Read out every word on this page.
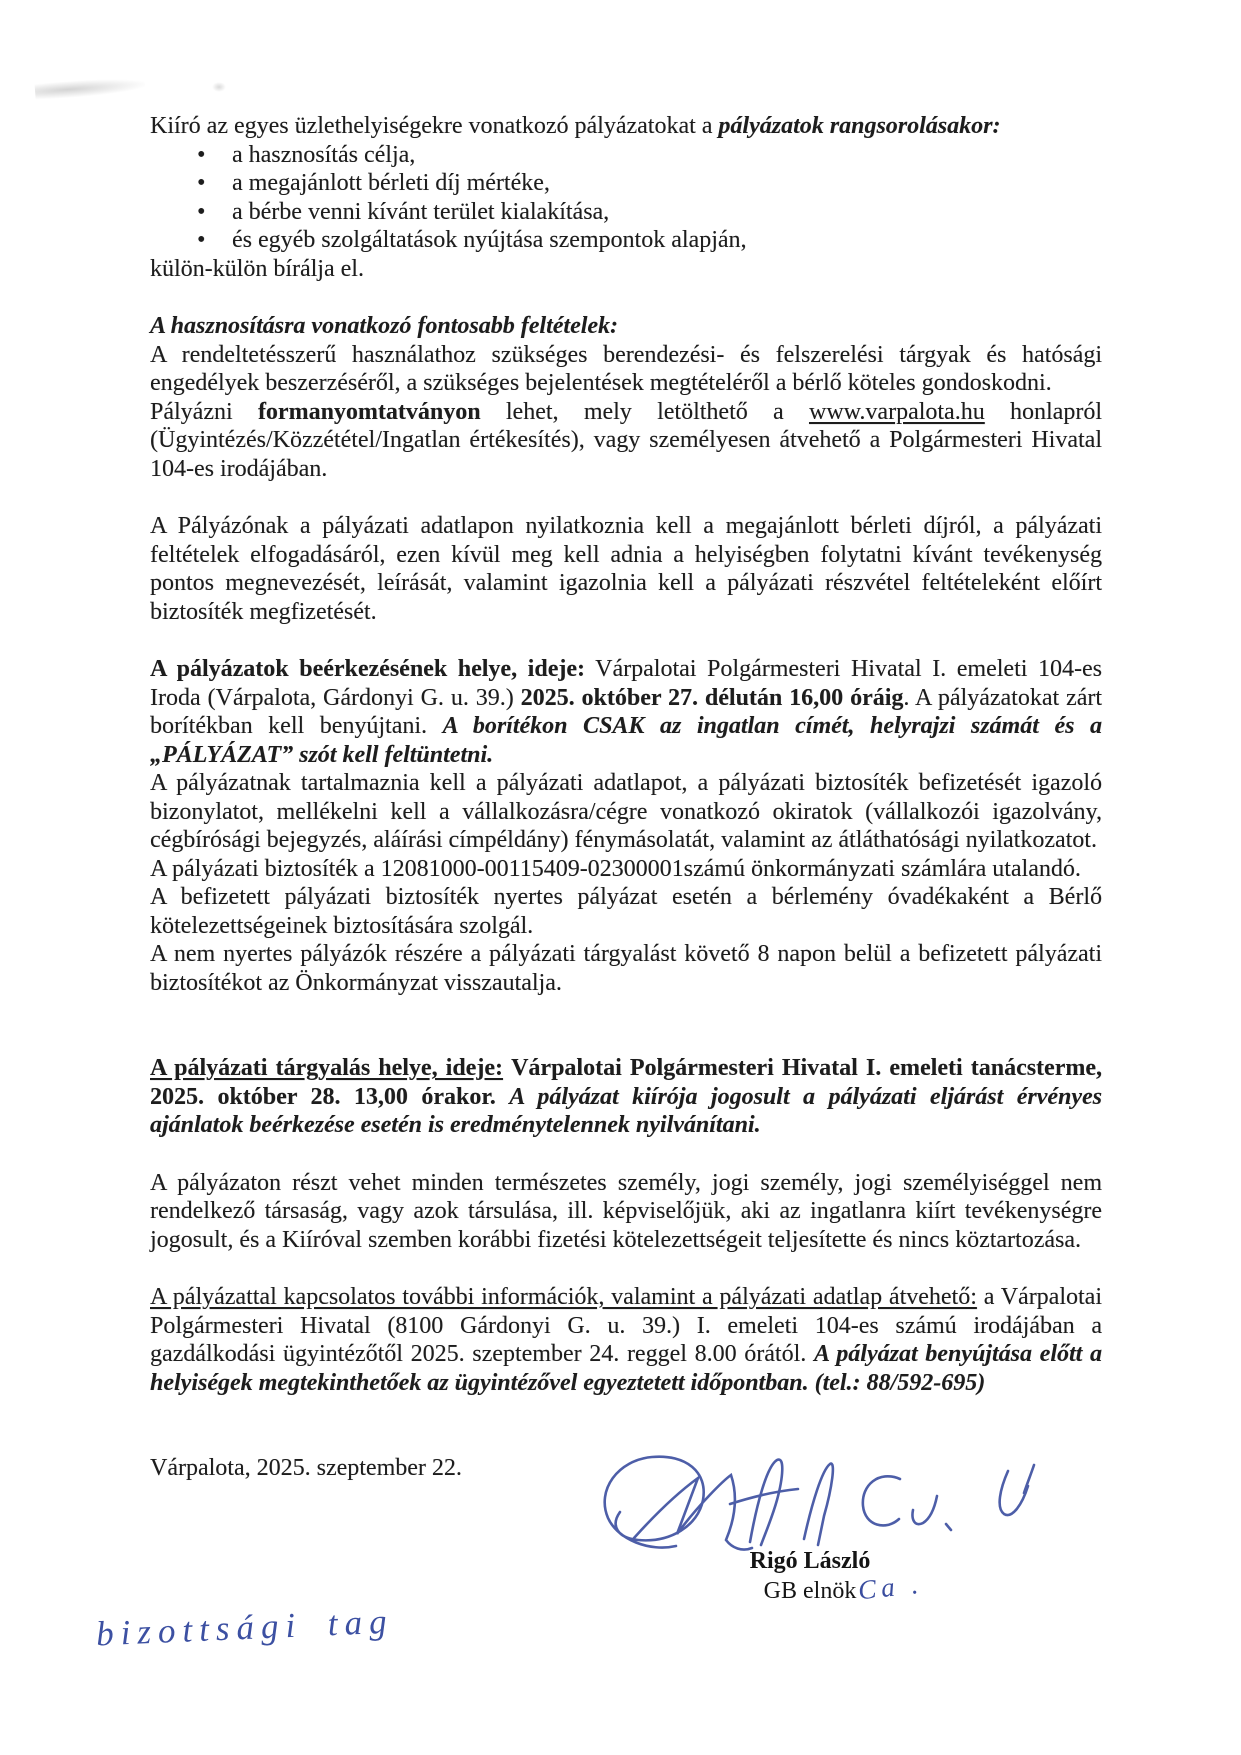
Kiíró az egyes üzlethelyiségekre vonatkozó pályázatokat a pályázatok rangsorolásakor:

• a hasznosítás célja,
• a megajánlott bérleti díj mértéke,
• a bérbe venni kívánt terület kialakítása,
• és egyéb szolgáltatások nyújtása szempontok alapján,

külön-külön bírálja el.

A hasznosításra vonatkozó fontosabb feltételek:

A rendeltetésszerű használathoz szükséges berendezési- és felszerelési tárgyak és hatósági engedélyek beszerzéséről, a szükséges bejelentések megtételéről a bérlő köteles gondoskodni.

Pályázni formanyomtatványon lehet, mely letölthető a www.varpalota.hu honlapról (Ügyintézés/Közzététel/Ingatlan értékesítés), vagy személyesen átvehető a Polgármesteri Hivatal 104-es irodájában.

A Pályázónak a pályázati adatlapon nyilatkoznia kell a megajánlott bérleti díjról, a pályázati feltételek elfogadásáról, ezen kívül meg kell adnia a helyiségben folytatni kívánt tevékenység pontos megnevezését, leírását, valamint igazolnia kell a pályázati részvétel feltételeként előírt biztosíték megfizetését.

A pályázatok beérkezésének helye, ideje: Várpalotai Polgármesteri Hivatal I. emeleti 104-es Iroda (Várpalota, Gárdonyi G. u. 39.) 2025. október 27. délután 16,00 óráig. A pályázatokat zárt borítékban kell benyújtani. A borítékon CSAK az ingatlan címét, helyrajzi számát és a „PÁLYÁZAT” szót kell feltüntetni.

A pályázatnak tartalmaznia kell a pályázati adatlapot, a pályázati biztosíték befizetését igazoló bizonylatot, mellékelni kell a vállalkozásra/cégre vonatkozó okiratok (vállalkozói igazolvány, cégbírósági bejegyzés, aláírási címpéldány) fénymásolatát, valamint az átláthatósági nyilatkozatot.

A pályázati biztosíték a 12081000-00115409-02300001számú önkormányzati számlára utalandó.

A befizetett pályázati biztosíték nyertes pályázat esetén a bérlemény óvadékaként a Bérlő kötelezettségeinek biztosítására szolgál.

A nem nyertes pályázók részére a pályázati tárgyalást követő 8 napon belül a befizetett pályázati biztosítékot az Önkormányzat visszautalja.

A pályázati tárgyalás helye, ideje: Várpalotai Polgármesteri Hivatal I. emeleti tanácsterme, 2025. október 28. 13,00 órakor. A pályázat kiírója jogosult a pályázati eljárást érvényes ajánlatok beérkezése esetén is eredménytelennek nyilvánítani.

A pályázaton részt vehet minden természetes személy, jogi személy, jogi személyiséggel nem rendelkező társaság, vagy azok társulása, ill. képviselőjük, aki az ingatlanra kiírt tevékenységre jogosult, és a Kiíróval szemben korábbi fizetési kötelezettségeit teljesítette és nincs köztartozása.

A pályázattal kapcsolatos további információk, valamint a pályázati adatlap átvehető: a Várpalotai Polgármesteri Hivatal (8100 Gárdonyi G. u. 39.) I. emeleti 104-es számú irodájában a gazdálkodási ügyintézőtől 2025. szeptember 24. reggel 8.00 órától. A pályázat benyújtása előtt a helyiségek megtekinthetőek az ügyintézővel egyeztetett időpontban. (tel.: 88/592-695)

Várpalota, 2025. szeptember 22.

Rigó László
GB elnök Ca .
bizottsági tag
